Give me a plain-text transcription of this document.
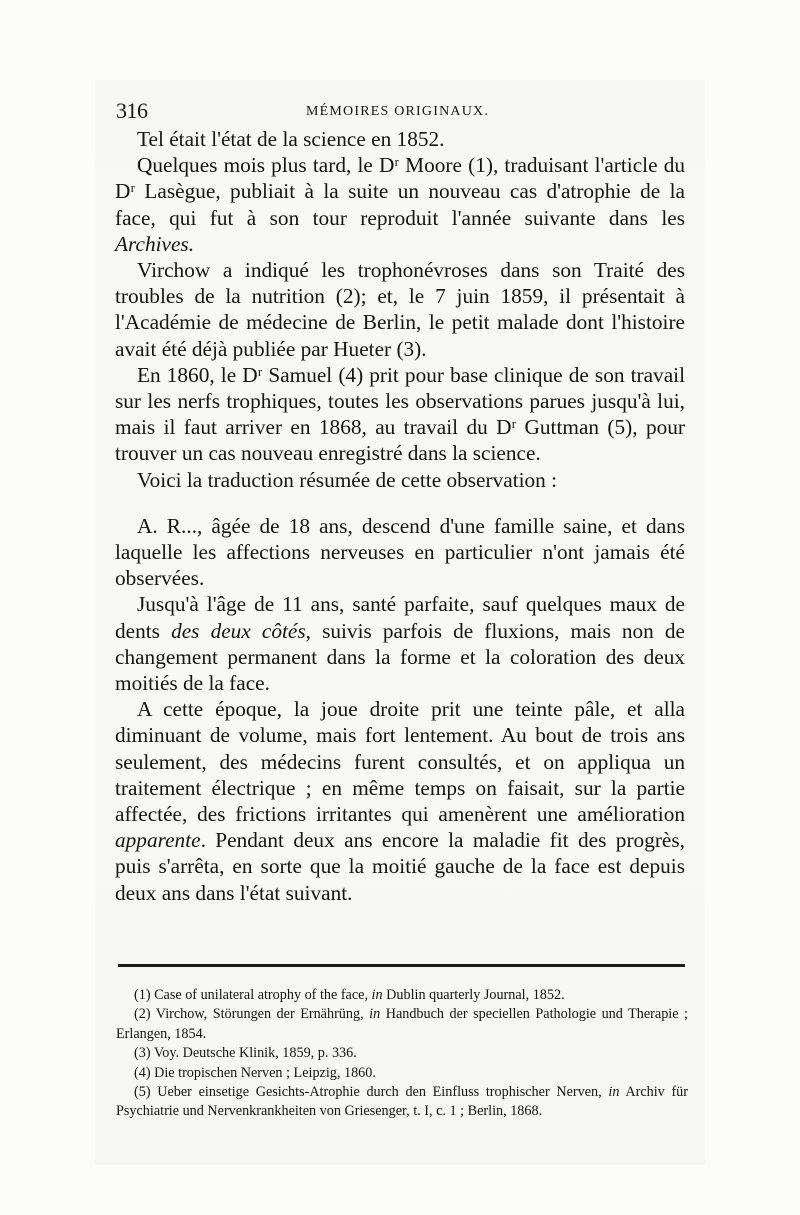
316	MÉMOIRES ORIGINAUX.

Tel était l'état de la science en 1852.

Quelques mois plus tard, le Dʳ Moore (1), traduisant l'article du Dʳ Lasègue, publiait à la suite un nouveau cas d'atrophie de la face, qui fut à son tour reproduit l'année suivante dans les Archives.

Virchow a indiqué les trophonévroses dans son Traité des troubles de la nutrition (2); et, le 7 juin 1859, il présentait à l'Académie de médecine de Berlin, le petit malade dont l'histoire avait été déjà publiée par Hueter (3).

En 1860, le Dʳ Samuel (4) prit pour base clinique de son travail sur les nerfs trophiques, toutes les observations parues jusqu'à lui, mais il faut arriver en 1868, au travail du Dʳ Guttman (5), pour trouver un cas nouveau enregistré dans la science.

Voici la traduction résumée de cette observation :

A. R..., âgée de 18 ans, descend d'une famille saine, et dans laquelle les affections nerveuses en particulier n'ont jamais été observées.

Jusqu'à l'âge de 11 ans, santé parfaite, sauf quelques maux de dents des deux côtés, suivis parfois de fluxions, mais non de changement permanent dans la forme et la coloration des deux moitiés de la face.

A cette époque, la joue droite prit une teinte pâle, et alla diminuant de volume, mais fort lentement. Au bout de trois ans seulement, des médecins furent consultés, et on appliqua un traitement électrique ; en même temps on faisait, sur la partie affectée, des frictions irritantes qui amenèrent une amélioration apparente. Pendant deux ans encore la maladie fit des progrès, puis s'arrêta, en sorte que la moitié gauche de la face est depuis deux ans dans l'état suivant.

(1) Case of unilateral atrophy of the face, in Dublin quarterly Journal, 1852.

(2) Virchow, Störungen der Ernährüng, in Handbuch der speciellen Pathologie und Therapie ; Erlangen, 1854.

(3) Voy. Deutsche Klinik, 1859, p. 336.

(4) Die tropischen Nerven ; Leipzig, 1860.

(5) Ueber einsetige Gesichts-Atrophie durch den Einfluss trophischer Nerven, in Archiv für Psychiatrie und Nervenkrankheiten von Griesenger, t. I, c. 1 ; Berlin, 1868.
